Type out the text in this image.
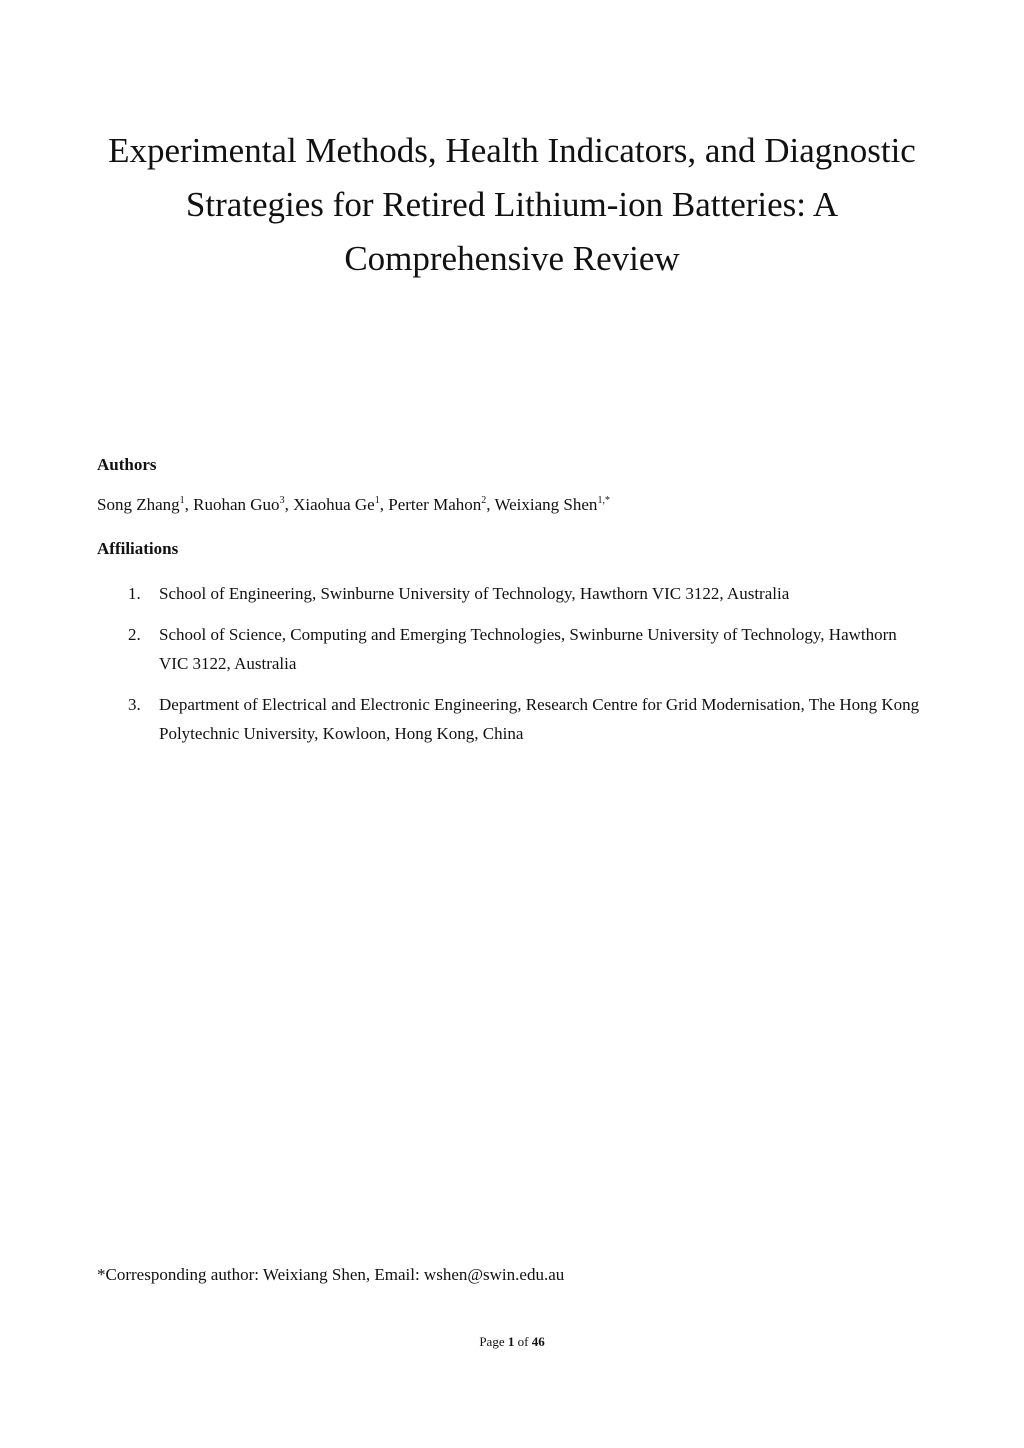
Experimental Methods, Health Indicators, and Diagnostic Strategies for Retired Lithium-ion Batteries: A Comprehensive Review
Authors

Song Zhang$^1$, Ruohan Guo$^3$, Xiaohua Ge$^1$, Perter Mahon$^2$, Weixiang Shen$^{1,*}$

Affiliations
1. School of Engineering, Swinburne University of Technology, Hawthorn VIC 3122, Australia
2. School of Science, Computing and Emerging Technologies, Swinburne University of Technology, Hawthorn VIC 3122, Australia
3. Department of Electrical and Electronic Engineering, Research Centre for Grid Modernisation, The Hong Kong Polytechnic University, Kowloon, Hong Kong, China

*Corresponding author: Weixiang Shen, Email: wshen@swin.edu.au

Page 1 of 46
